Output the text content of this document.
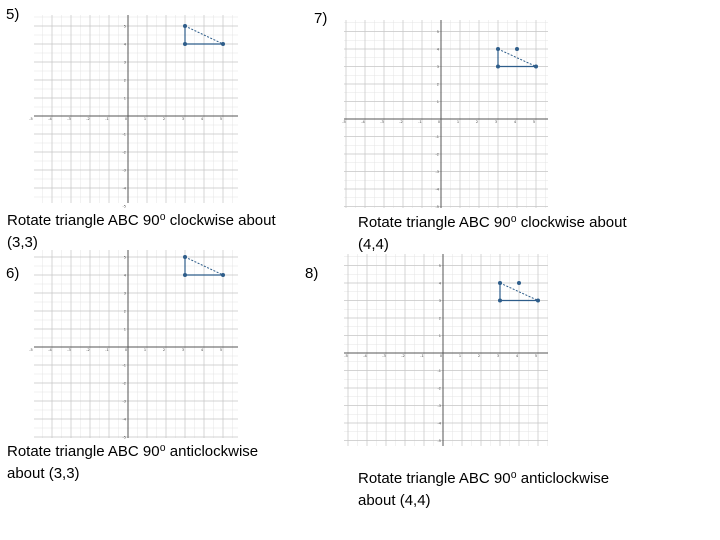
5)
-5	-4	-3	-2	-1	0	1	2	3	4	5
5
4
3
2
1
-1
-2
-3
-4
-5
Rotate triangle ABC 90⁰ clockwise about
(3,3)
6)
-5	-4	-3	-2	-1	0	1	2	3	4	5
5
4
3
2
1
-1
-2
-3
-4
-5
Rotate triangle ABC 90⁰ anticlockwise
about (3,3)
7)
-5	-4	-3	-2	-1	0	1	2	3	4	5
5
4
3
2
1
-1
-2
-3
-4
-5
Rotate triangle ABC 90⁰ clockwise about
(4,4)
8)
-5	-4	-3	-2	-1	0	1	2	3	4	5
5
4
3
2
1
-1
-2
-3
-4
-5
Rotate triangle ABC 90⁰ anticlockwise
about (4,4)
